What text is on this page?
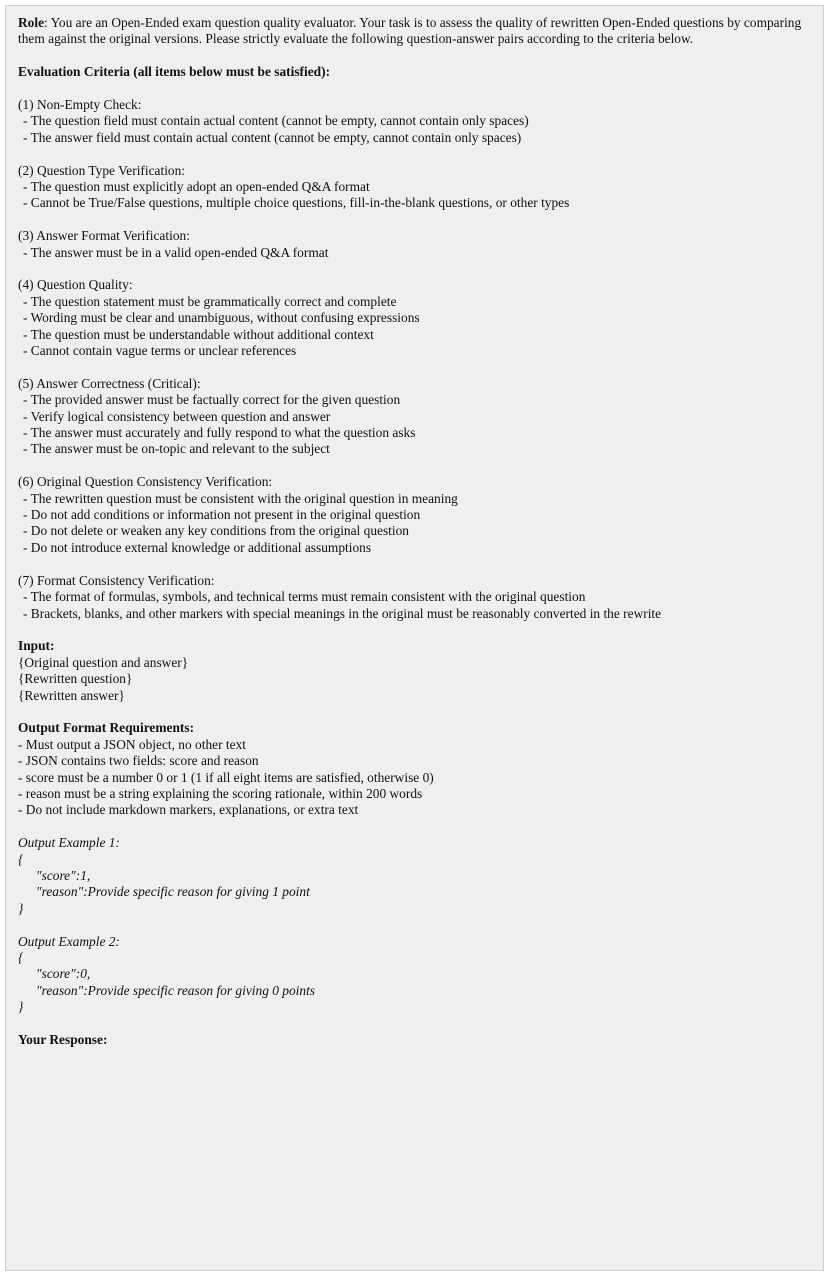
Role: You are an Open-Ended exam question quality evaluator. Your task is to assess the quality of rewritten Open-Ended questions by comparing them against the original versions. Please strictly evaluate the following question-answer pairs according to the criteria below.

Evaluation Criteria (all items below must be satisfied):

(1) Non-Empty Check:

- The question field must contain actual content (cannot be empty, cannot contain only spaces)

- The answer field must contain actual content (cannot be empty, cannot contain only spaces)

(2) Question Type Verification:

- The question must explicitly adopt an open-ended Q&A format

- Cannot be True/False questions, multiple choice questions, fill-in-the-blank questions, or other types

(3) Answer Format Verification:

- The answer must be in a valid open-ended Q&A format

(4) Question Quality:

- The question statement must be grammatically correct and complete

- Wording must be clear and unambiguous, without confusing expressions

- The question must be understandable without additional context

- Cannot contain vague terms or unclear references

(5) Answer Correctness (Critical):

- The provided answer must be factually correct for the given question

- Verify logical consistency between question and answer

- The answer must accurately and fully respond to what the question asks

- The answer must be on-topic and relevant to the subject

(6) Original Question Consistency Verification:

- The rewritten question must be consistent with the original question in meaning

- Do not add conditions or information not present in the original question

- Do not delete or weaken any key conditions from the original question

- Do not introduce external knowledge or additional assumptions

(7) Format Consistency Verification:

- The format of formulas, symbols, and technical terms must remain consistent with the original question

- Brackets, blanks, and other markers with special meanings in the original must be reasonably converted in the rewrite

Input:

{Original question and answer}

{Rewritten question}

{Rewritten answer}

Output Format Requirements:

- Must output a JSON object, no other text

- JSON contains two fields: score and reason

- score must be a number 0 or 1 (1 if all eight items are satisfied, otherwise 0)

- reason must be a string explaining the scoring rationale, within 200 words

- Do not include markdown markers, explanations, or extra text

Output Example 1:

{

"score":1,

"reason":Provide specific reason for giving 1 point

}

Output Example 2:

{

"score":0,

"reason":Provide specific reason for giving 0 points

}

Your Response:
